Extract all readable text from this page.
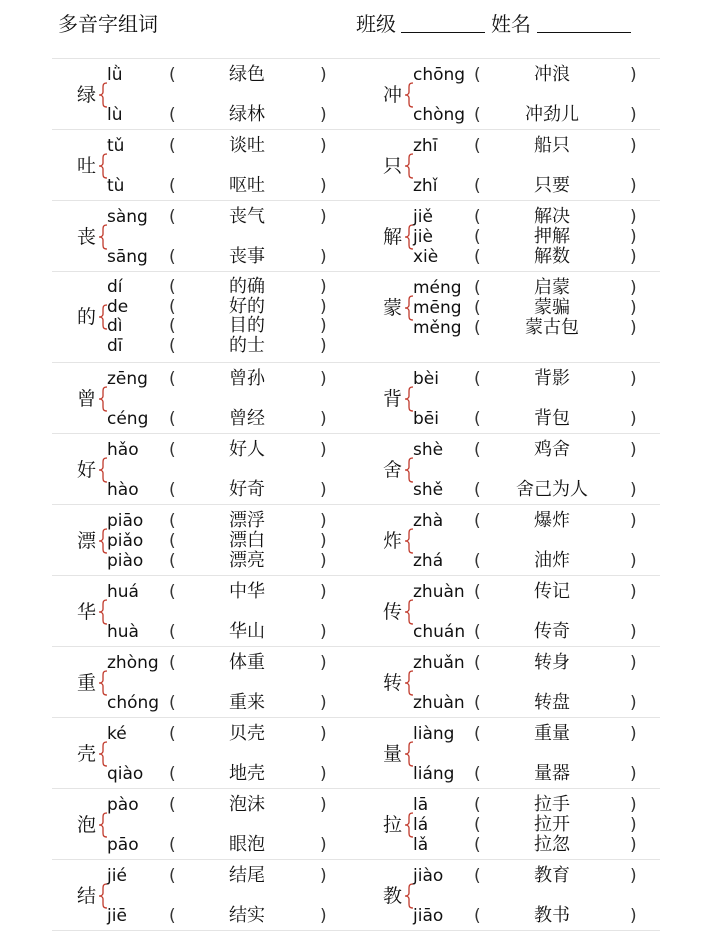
多音字组词	班级	姓名
绿
lǜ	(	绿色	)
lù	(	绿林	)
冲
chōng (	冲浪	)
chòng (	冲劲儿	)
吐
tǔ	(	谈吐	)
tù	(	呕吐	)
只
zhī (	船只	)
zhǐ (	只要	)
丧
sàng (	丧气	)
sāng (	丧事	)
解
jiě (	解决	)
jiè (	押解	)
xiè (	解数	)
的
dí	(	的确	)
de (	好的	)
dì	(	目的	)
dī	(	的士	)
蒙
méng (	启蒙	)
mēng (	蒙骗	)
měng (	蒙古包	)
曾
zēng (	曾孙	)
céng (	曾经	)
背
bèi (	背影	)
bēi (	背包	)
好
hǎo (	好人	)
hào (	好奇	)
舍
shè (	鸡舍	)
shě (	舍己为人	)
漂
piāo (	漂浮	)
piǎo (	漂白	)
piào (	漂亮	)
炸
zhà (	爆炸	)
zhá (	油炸	)
华
huá (	中华	)
huà (	华山	)
传
zhuàn (	传记	)
chuán (	传奇	)
重
zhòng (	体重	)
chóng (	重来	)
转
zhuǎn (	转身	)
zhuàn (	转盘	)
壳
ké (	贝壳	)
qiào (	地壳	)
量
liàng (	重量	)
liáng (	量器	)
泡
pào (	泡沫	)
pāo (	眼泡	)
拉
lā	(	拉手	)
lá	(	拉开	)
lǎ	(	拉忽	)
结
jié (	结尾	)
jiē (	结实	)
教
jiào (	教育	)
jiāo (	教书	)
